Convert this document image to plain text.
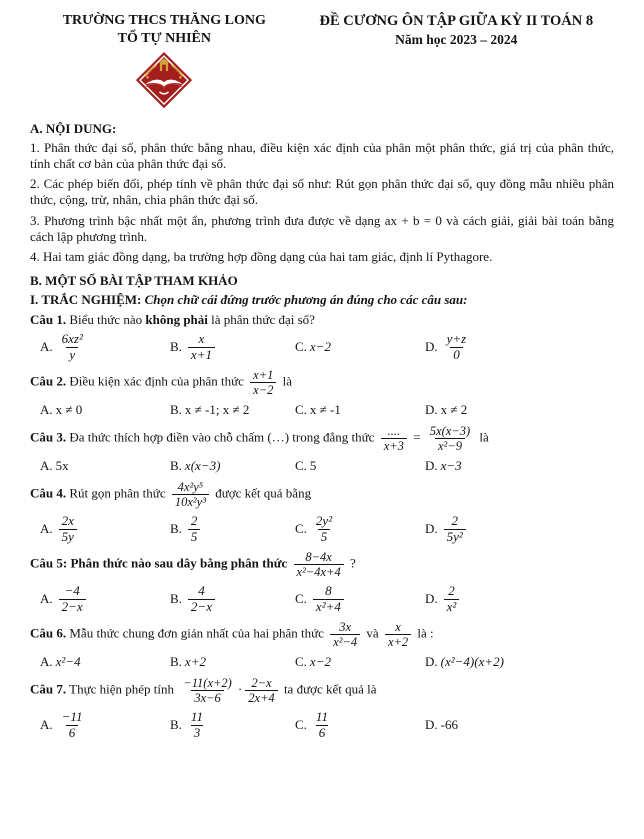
TRƯỜNG THCS THĂNG LONG
TỔ TỰ NHIÊN
ĐỀ CƯƠNG ÔN TẬP GIỮA KỲ II TOÁN 8
Năm học 2023 – 2024
A. NỘI DUNG:

1. Phân thức đại số, phân thức bằng nhau, điều kiện xác định của phân một phân thức, giá trị của phân thức, tính chất cơ bản của phân thức đại số.

2. Các phép biến đổi, phép tính về phân thức đại số như: Rút gọn phân thức đại số, quy đồng mẫu nhiều phân thức, cộng, trừ, nhân, chia phân thức đại số.

3. Phương trình bậc nhất một ẩn, phương trình đưa được về dạng ax + b = 0 và cách giải, giải bài toán bằng cách lập phương trình.

4. Hai tam giác đồng dạng, ba trường hợp đồng dạng của hai tam giác, định lí Pythagore.

B. MỘT SỐ BÀI TẬP THAM KHẢO

I. TRẮC NGHIỆM: Chọn chữ cái đứng trước phương án đúng cho các câu sau:

Câu 1. Biểu thức nào không phải là phân thức đại số?
A. $\frac{\text{6xz²}}{y}$	B. $\frac{x}{x+1}$	C. x−2	D. $\frac{y+z}{0}$
Câu 2. Điều kiện xác định của phân thức $\frac{x+1}{x-2}$ là
A. x ≠ 0	B. x ≠ -1; x ≠ 2	C. x ≠ -1	D. x ≠ 2
Câu 3. Đa thức thích hợp điền vào chỗ chấm (…) trong đẳng thức $\frac{....}{x+3} = \frac{5x(x-3)}{\text{x²−9}}$ là
A. 5x	B. x(x−3)	C. 5	D. x−3
Câu 4. Rút gọn phân thức $\frac{\text{4x²y⁵}}{\text{10x²y³}}$ được kết quả bằng
A. $\frac{2x}{5y}$	B. $\frac{2}{5}$	C. $\frac{\text{2y²}}{5}$	D. $\frac{2}{\text{5y²}}$
Câu 5: Phân thức nào sau dây bằng phân thức $\frac{8-4x}{\text{x²−4x+4}}$ ?
A. $\frac{-4}{2-x}$	B. $\frac{4}{2-x}$	C. $\frac{8}{\text{x²+4}}$	D. $\frac{2}{\text{x²}}$
Câu 6. Mẫu thức chung đơn giản nhất của hai phân thức $\frac{3x}{\text{x²−4}}$ và $\frac{x}{x+2}$ là :
A. x²−4	B. x+2	C. x−2	D. (x²−4)(x+2)
Câu 7. Thực hiện phép tính $\frac{-11(x+2)}{3x-6} \cdot \frac{2-x}{2x+4}$ ta được kết quả là
A. $\frac{-11}{6}$	B. $\frac{11}{3}$	C. $\frac{11}{6}$	D. -66
